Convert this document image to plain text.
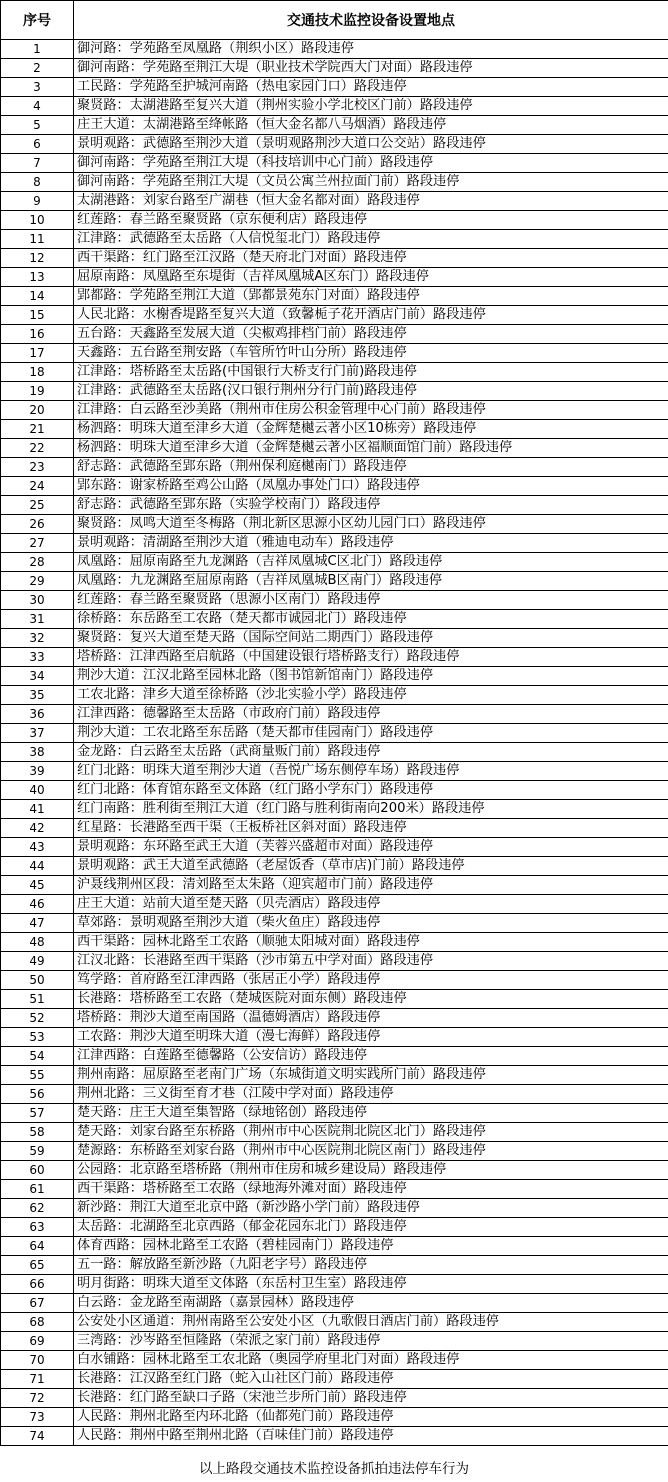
序号	交通技术监控设备设置地点
1	御河路：学苑路至凤凰路（荆织小区）路段违停
2	御河南路：学苑路至荆江大堤（职业技术学院西大门对面）路段违停
3	工民路：学苑路至护城河南路（热电家园门口）路段违停
4	聚贤路：太湖港路至复兴大道（荆州实验小学北校区门前）路段违停
5	庄王大道：太湖港路至绛帐路（恒大金名都八马烟酒）路段违停
6	景明观路：武德路至荆沙大道（景明观路荆沙大道口公交站）路段违停
7	御河南路：学苑路至荆江大堤（科技培训中心门前）路段违停
8	御河南路：学苑路至荆江大堤（文员公寓兰州拉面门前）路段违停
9	太湖港路：刘家台路至广湖巷（恒大金名都对面）路段违停
10	红莲路：春兰路至聚贤路（京东便利店）路段违停
11	江津路：武德路至太岳路（人信悦玺北门）路段违停
12	西干渠路：红门路至江汉路（楚天府北门对面）路段违停
13	屈原南路：凤凰路至东堤街（吉祥凤凰城A区东门）路段违停
14	郢都路：学苑路至荆江大道（郢都景苑东门对面）路段违停
15	人民北路：水榭香堤路至复兴大道（致馨栀子花开酒店门前）路段违停
16	五台路：天鑫路至发展大道（尖椒鸡排档门前）路段违停
17	天鑫路：五台路至荆安路（车管所竹叶山分所）路段违停
18	江津路：塔桥路至太岳路(中国银行大桥支行门前)路段违停
19	江津路：武德路至太岳路(汉口银行荆州分行门前)路段违停
20	江津路：白云路至沙美路（荆州市住房公积金管理中心门前）路段违停
21	杨泗路：明珠大道至津乡大道（金辉楚樾云著小区10栋旁）路段违停
22	杨泗路：明珠大道至津乡大道（金辉楚樾云著小区福顺面馆门前）路段违停
23	舒志路：武德路至郢东路（荆州保利庭樾南门）路段违停
24	郢东路：谢家桥路至鸡公山路（凤凰办事处门口）路段违停
25	舒志路：武德路至郢东路（实验学校南门）路段违停
26	聚贤路：凤鸣大道至冬梅路（荆北新区思源小区幼儿园门口）路段违停
27	景明观路：清湖路至荆沙大道（雅迪电动车）路段违停
28	凤凰路：屈原南路至九龙渊路（吉祥凤凰城C区北门）路段违停
29	凤凰路：九龙渊路至屈原南路（吉祥凤凰城B区南门）路段违停
30	红莲路：春兰路至聚贤路（思源小区南门）路段违停
31	徐桥路：东岳路至工农路（楚天都市诚园北门）路段违停
32	聚贤路：复兴大道至楚天路（国际空间站二期西门）路段违停
33	塔桥路：江津西路至启航路（中国建设银行塔桥路支行）路段违停
34	荆沙大道：江汉北路至园林北路（图书馆新馆南门）路段违停
35	工农北路：津乡大道至徐桥路（沙北实验小学）路段违停
36	江津西路：德馨路至太岳路（市政府门前）路段违停
37	荆沙大道：工农北路至东岳路（楚天都市佳园南门）路段违停
38	金龙路：白云路至太岳路（武商量贩门前）路段违停
39	红门北路：明珠大道至荆沙大道（吾悦广场东侧停车场）路段违停
40	红门北路：体育馆东路至文体路（红门路小学东门）路段违停
41	红门南路：胜利街至荆江大道（红门路与胜利街南向200米）路段违停
42	红星路：长港路至西干渠（王板桥社区斜对面）路段违停
43	景明观路：东环路至武王大道（芙蓉兴盛超市对面）路段违停
44	景明观路：武王大道至武德路（老屋饭香（草市店)门前）路段违停
45	沪聂线荆州区段：清刘路至太朱路（迎宾超市门前）路段违停
46	庄王大道：站前大道至楚天路（贝壳酒店）路段违停
47	草郊路：景明观路至荆沙大道（柴火鱼庄）路段违停
48	西干渠路：园林北路至工农路（顺驰太阳城对面）路段违停
49	江汉北路：长港路至西干渠路（沙市第五中学对面）路段违停
50	笃学路：首府路至江津西路（张居正小学）路段违停
51	长港路：塔桥路至工农路（楚城医院对面东侧）路段违停
52	塔桥路：荆沙大道至南国路（温德姆酒店）路段违停
53	工农路：荆沙大道至明珠大道（漫七海鲜）路段违停
54	江津西路：白莲路至德馨路（公安信访）路段违停
55	荆州南路：屈原路至老南门广场（东城街道文明实践所门前）路段违停
56	荆州北路：三义街至育才巷（江陵中学对面）路段违停
57	楚天路：庄王大道至集智路（绿地铭创）路段违停
58	楚天路：刘家台路至东桥路（荆州市中心医院荆北院区北门）路段违停
59	楚源路：东桥路至刘家台路（荆州市中心医院荆北院区南门）路段违停
60	公园路：北京路至塔桥路（荆州市住房和城乡建设局）路段违停
61	西干渠路：塔桥路至工农路（绿地海外滩对面）路段违停
62	新沙路：荆江大道至北京中路（新沙路小学门前）路段违停
63	太岳路：北湖路至北京西路（郁金花园东北门）路段违停
64	体育西路：园林北路至工农路（碧桂园南门）路段违停
65	五一路：解放路至新沙路（九阳老字号）路段违停
66	明月街路：明珠大道至文体路（东岳村卫生室）路段违停
67	白云路：金龙路至南湖路（嘉景园林）路段违停
68	公安处小区通道：荆州南路至公安处小区（九歌假日酒店门前）路段违停
69	三湾路：沙岑路至恒隆路（荣派之家门前）路段违停
70	白水铺路：园林北路至工农北路（奥园学府里北门对面）路段违停
71	长港路：江汉路至红门路（蛇入山社区门前）路段违停
72	长港路：红门路至缺口子路（宋池兰步所门前）路段违停
73	人民路：荆州北路至内环北路（仙都苑门前）路段违停
74	人民路：荆州中路至荆州北路（百味佳门前）路段违停
以上路段交通技术监控设备抓拍违法停车行为
